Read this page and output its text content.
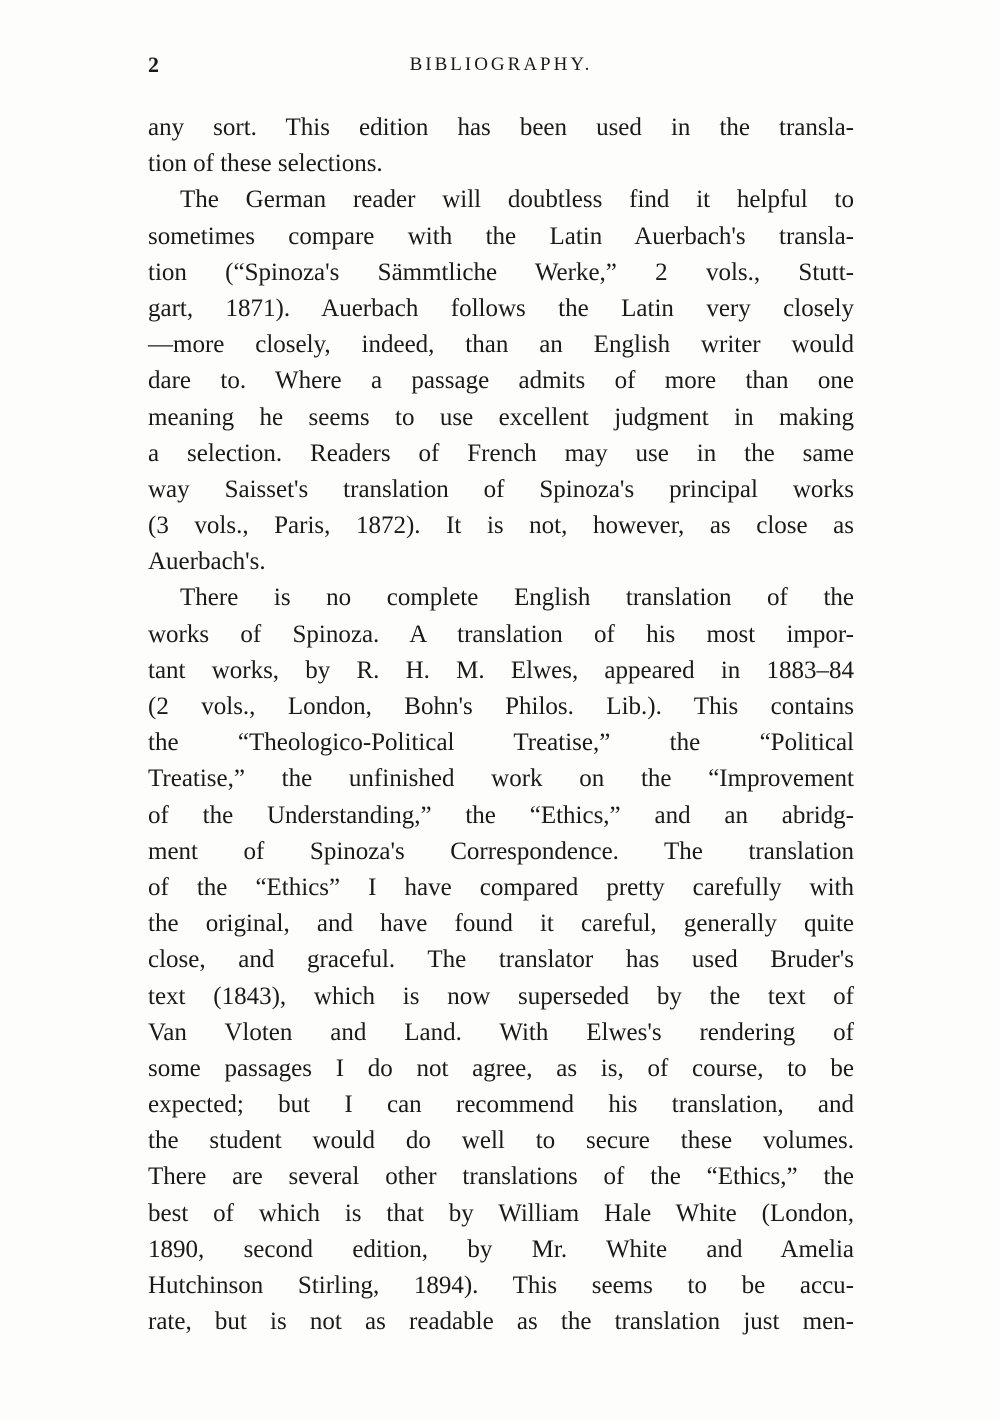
2	BIBLIOGRAPHY.
any sort. This edition has been used in the transla-
tion of these selections.
The German reader will doubtless find it helpful to
sometimes compare with the Latin Auerbach's transla-
tion (“Spinoza's Sämmtliche Werke,” 2 vols., Stutt-
gart, 1871). Auerbach follows the Latin very closely
—more closely, indeed, than an English writer would
dare to. Where a passage admits of more than one
meaning he seems to use excellent judgment in making
a selection. Readers of French may use in the same
way Saisset's translation of Spinoza's principal works
(3 vols., Paris, 1872). It is not, however, as close as
Auerbach's.
There is no complete English translation of the
works of Spinoza. A translation of his most impor-
tant works, by R. H. M. Elwes, appeared in 1883–84
(2 vols., London, Bohn's Philos. Lib.). This contains
the “Theologico-Political Treatise,” the “Political
Treatise,” the unfinished work on the “Improvement
of the Understanding,” the “Ethics,” and an abridg-
ment of Spinoza's Correspondence. The translation
of the “Ethics” I have compared pretty carefully with
the original, and have found it careful, generally quite
close, and graceful. The translator has used Bruder's
text (1843), which is now superseded by the text of
Van Vloten and Land. With Elwes's rendering of
some passages I do not agree, as is, of course, to be
expected; but I can recommend his translation, and
the student would do well to secure these volumes.
There are several other translations of the “Ethics,” the
best of which is that by William Hale White (London,
1890, second edition, by Mr. White and Amelia
Hutchinson Stirling, 1894). This seems to be accu-
rate, but is not as readable as the translation just men-
